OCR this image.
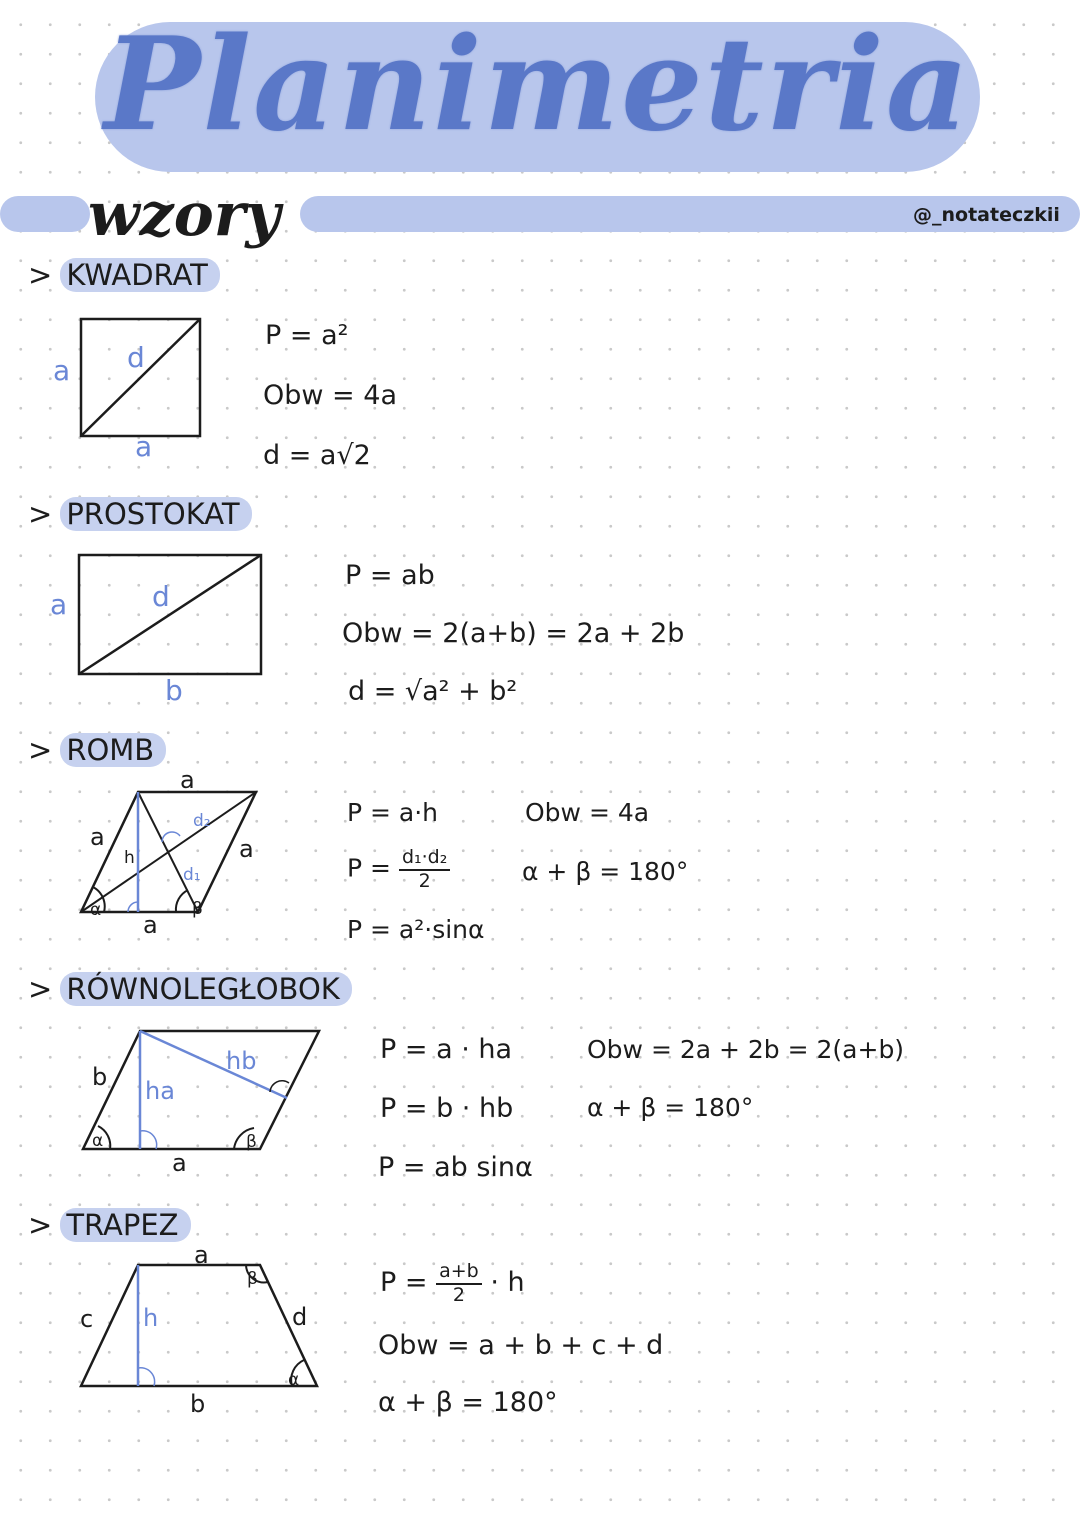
Planimetria
wzory	@_notateczkii
> KWADRAT
a d
a
P = a²
Obw = 4a
d = a√2
> PROSTOKAT
a	d
b
P = ab
Obw = 2(a+b) = 2a + 2b
d = √a² + b²
> ROMB
a
a	a
a
h
d₂
d₁
α	β
P = a·h
$P = \frac{\text{d₁·d₂}}{2}$
P = a²·sinα
Obw = 4a
α + β = 180°
> RÓWNOLEGŁOBOK
b ha
hb
a
α	β
P = a · ha
P = b · hb
P = ab sinα
Obw = 2a + 2b = 2(a+b)
α + β = 180°
> TRAPEZ
a
c h	d
b
β
α
$P = \frac{a+b}{2} \cdot h$
Obw = a + b + c + d
α + β = 180°
